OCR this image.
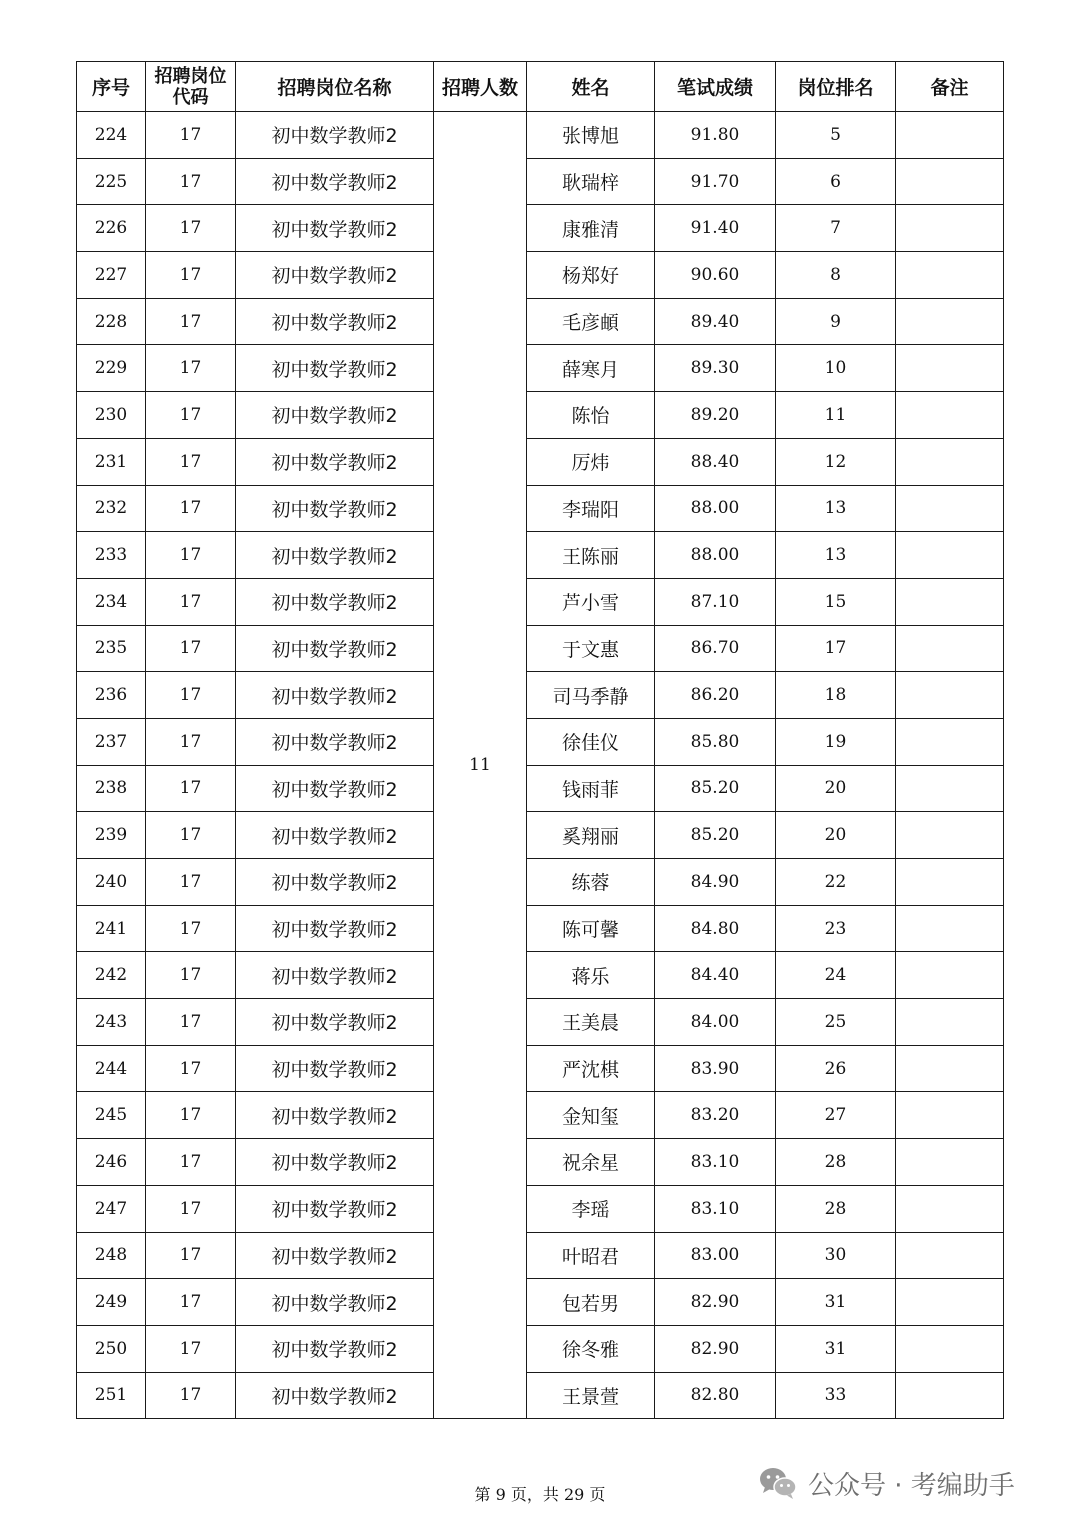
序号	招聘岗位代码	招聘岗位名称	招聘人数	姓名	笔试成绩	岗位排名	备注
224	17	初中数学教师2	11	张博旭	91.80	5	
225	17	初中数学教师2		耿瑞梓	91.70	6	
226	17	初中数学教师2		康雅清	91.40	7	
227	17	初中数学教师2		杨郑好	90.60	8	
228	17	初中数学教师2		毛彦頔	89.40	9	
229	17	初中数学教师2		薛寒月	89.30	10	
230	17	初中数学教师2		陈怡	89.20	11	
231	17	初中数学教师2		厉炜	88.40	12	
232	17	初中数学教师2		李瑞阳	88.00	13	
233	17	初中数学教师2		王陈丽	88.00	13	
234	17	初中数学教师2		芦小雪	87.10	15	
235	17	初中数学教师2		于文惠	86.70	17	
236	17	初中数学教师2		司马季静	86.20	18	
237	17	初中数学教师2		徐佳仪	85.80	19	
238	17	初中数学教师2		钱雨菲	85.20	20	
239	17	初中数学教师2		奚翔丽	85.20	20	
240	17	初中数学教师2		练蓉	84.90	22	
241	17	初中数学教师2		陈可馨	84.80	23	
242	17	初中数学教师2		蒋乐	84.40	24	
243	17	初中数学教师2		王美晨	84.00	25	
244	17	初中数学教师2		严沈棋	83.90	26	
245	17	初中数学教师2		金知玺	83.20	27	
246	17	初中数学教师2		祝余星	83.10	28	
247	17	初中数学教师2		李瑶	83.10	28	
248	17	初中数学教师2		叶昭君	83.00	30	
249	17	初中数学教师2		包若男	82.90	31	
250	17	初中数学教师2		徐冬雅	82.90	31	
251	17	初中数学教师2		王景萱	82.80	33	
第 9 页，共 29 页	公众号 · 考编助手
